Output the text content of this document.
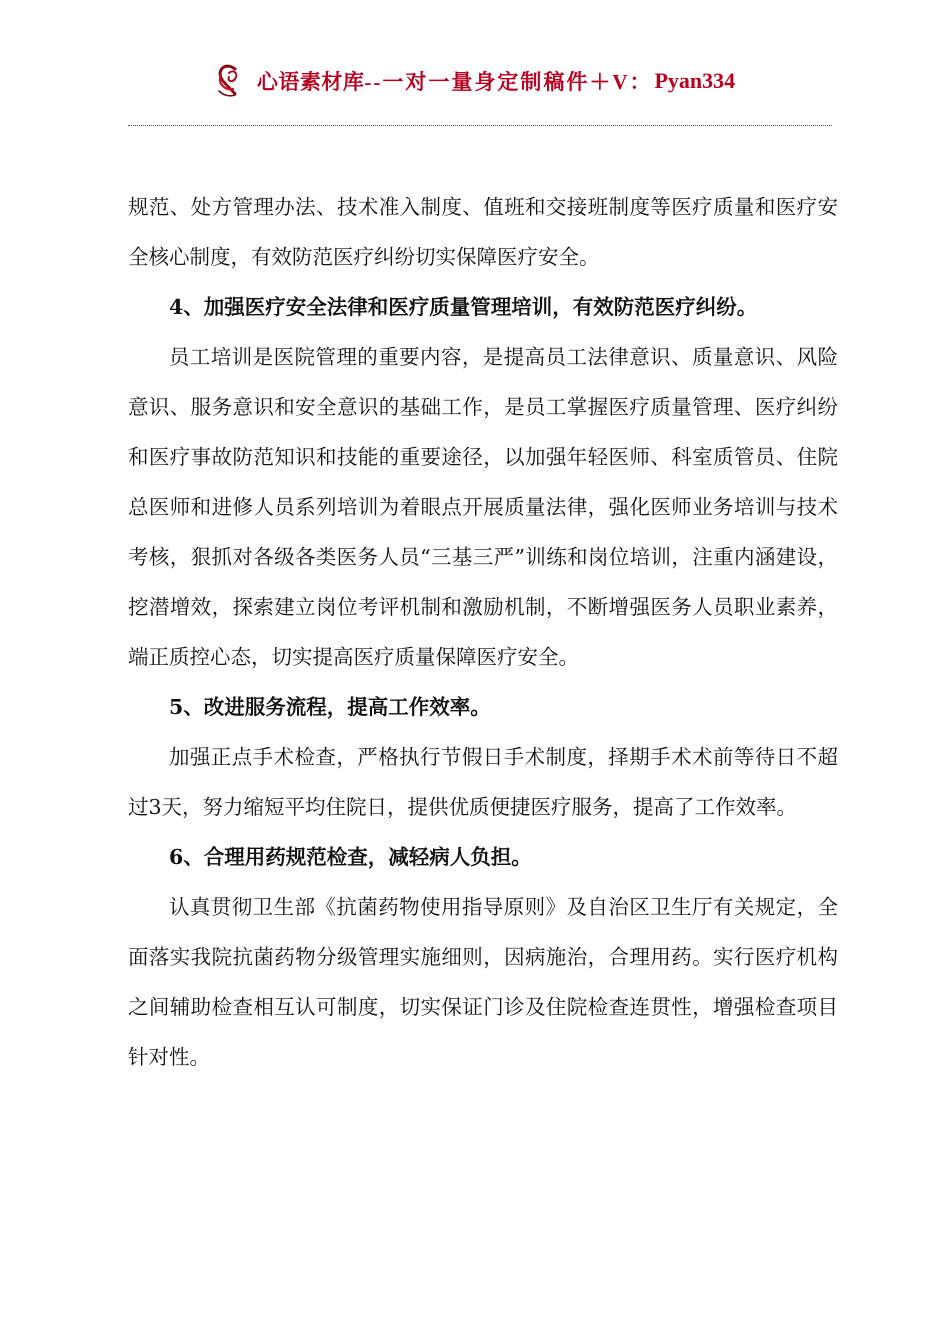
心语素材库 --一对一量身定制稿件＋V： Pyan334

规范、处方管理办法、技术准入制度、值班和交接班制度等医疗质量和医疗安全核心制度，有效防范医疗纠纷切实保障医疗安全。

4、加强医疗安全法律和医疗质量管理培训，有效防范医疗纠纷。

员工培训是医院管理的重要内容，是提高员工法律意识、质量意识、风险意识、服务意识和安全意识的基础工作，是员工掌握医疗质量管理、医疗纠纷和医疗事故防范知识和技能的重要途径，以加强年轻医师、科室质管员、住院总医师和进修人员系列培训为着眼点开展质量法律，强化医师业务培训与技术考核，狠抓对各级各类医务人员“三基三严”训练和岗位培训，注重内涵建设，挖潜增效，探索建立岗位考评机制和激励机制，不断增强医务人员职业素养，端正质控心态，切实提高医疗质量保障医疗安全。

5、改进服务流程，提高工作效率。

加强正点手术检查，严格执行节假日手术制度，择期手术术前等待日不超过3天，努力缩短平均住院日，提供优质便捷医疗服务，提高了工作效率。

6、合理用药规范检查，减轻病人负担。

认真贯彻卫生部《抗菌药物使用指导原则》及自治区卫生厅有关规定，全面落实我院抗菌药物分级管理实施细则，因病施治，合理用药。实行医疗机构之间辅助检查相互认可制度，切实保证门诊及住院检查连贯性，增强检查项目针对性。
